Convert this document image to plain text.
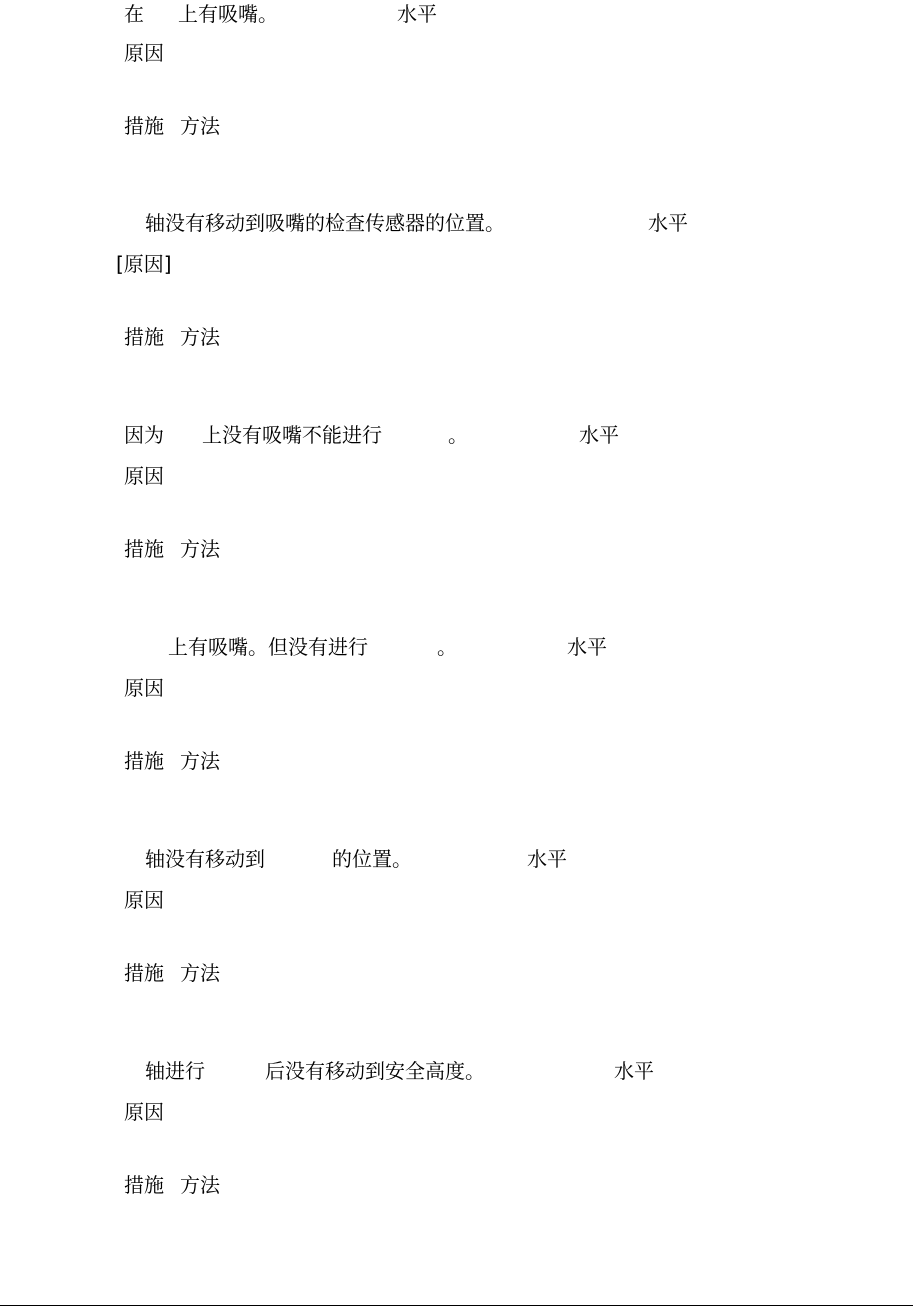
在 上有吸嘴。	水平
原因
措施 方法
轴没有移动到吸嘴的检查传感器的位置。	水平
[原因]
措施 方法
因为 上没有吸嘴不能进行	。	水平
原因
措施 方法
上有吸嘴。但没有进行	。	水平
原因
措施 方法
轴没有移动到	的位置。	水平
原因
措施 方法
轴进行	后没有移动到安全高度。	水平
原因
措施 方法
